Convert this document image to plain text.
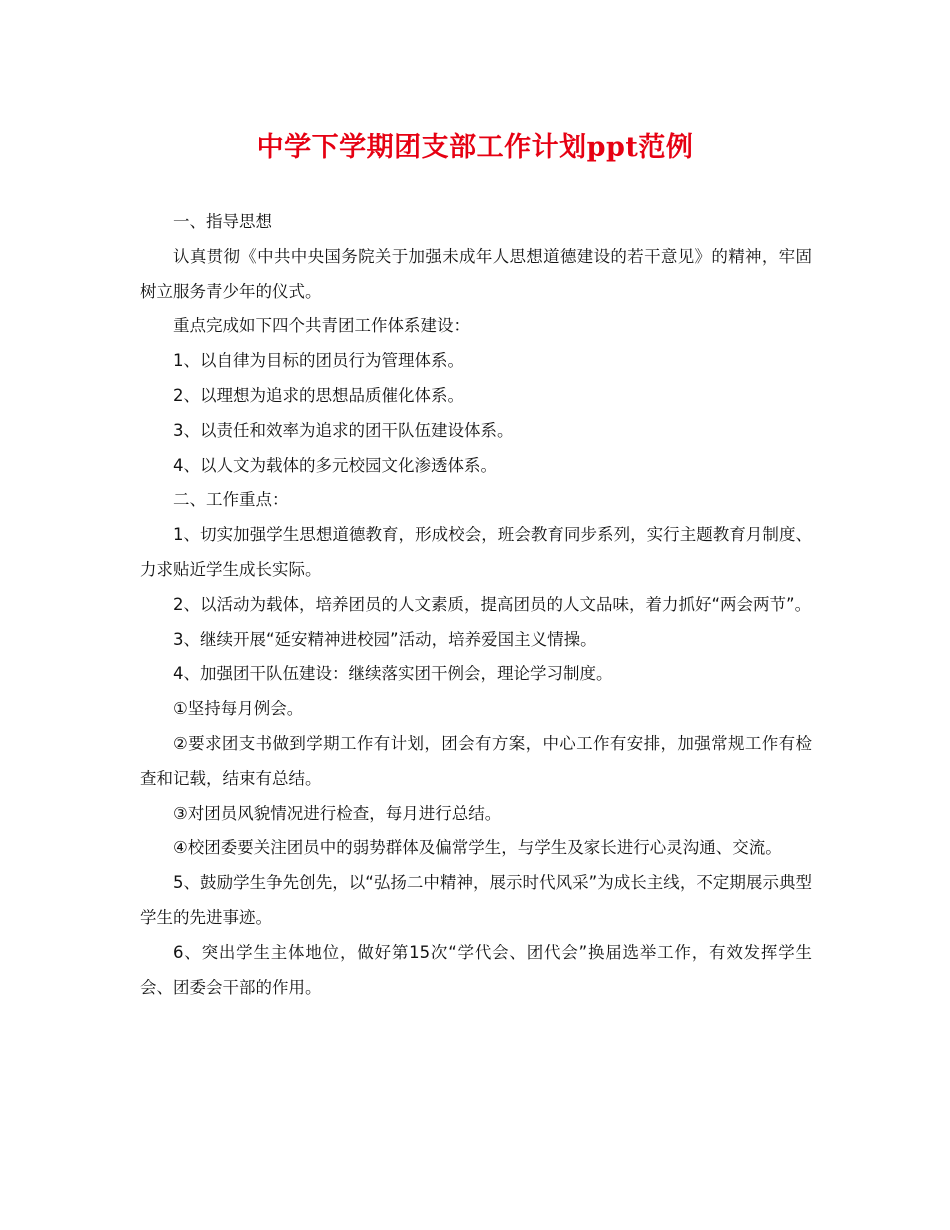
中学下学期团支部工作计划ppt范例

一、指导思想

认真贯彻《中共中央国务院关于加强未成年人思想道德建设的若干意见》的精神，牢固树立服务青少年的仪式。

重点完成如下四个共青团工作体系建设：

1、以自律为目标的团员行为管理体系。

2、以理想为追求的思想品质催化体系。

3、以责任和效率为追求的团干队伍建设体系。

4、以人文为载体的多元校园文化渗透体系。

二、工作重点：

1、切实加强学生思想道德教育，形成校会，班会教育同步系列，实行主题教育月制度、力求贴近学生成长实际。

2、以活动为载体，培养团员的人文素质，提高团员的人文品味，着力抓好“两会两节”。

3、继续开展“延安精神进校园”活动，培养爱国主义情操。

4、加强团干队伍建设：继续落实团干例会，理论学习制度。

①坚持每月例会。

②要求团支书做到学期工作有计划，团会有方案，中心工作有安排，加强常规工作有检查和记载，结束有总结。

③对团员风貌情况进行检查，每月进行总结。

④校团委要关注团员中的弱势群体及偏常学生，与学生及家长进行心灵沟通、交流。

5、鼓励学生争先创先，以“弘扬二中精神，展示时代风采”为成长主线，不定期展示典型学生的先进事迹。

6、突出学生主体地位，做好第15次“学代会、团代会”换届选举工作，有效发挥学生会、团委会干部的作用。
